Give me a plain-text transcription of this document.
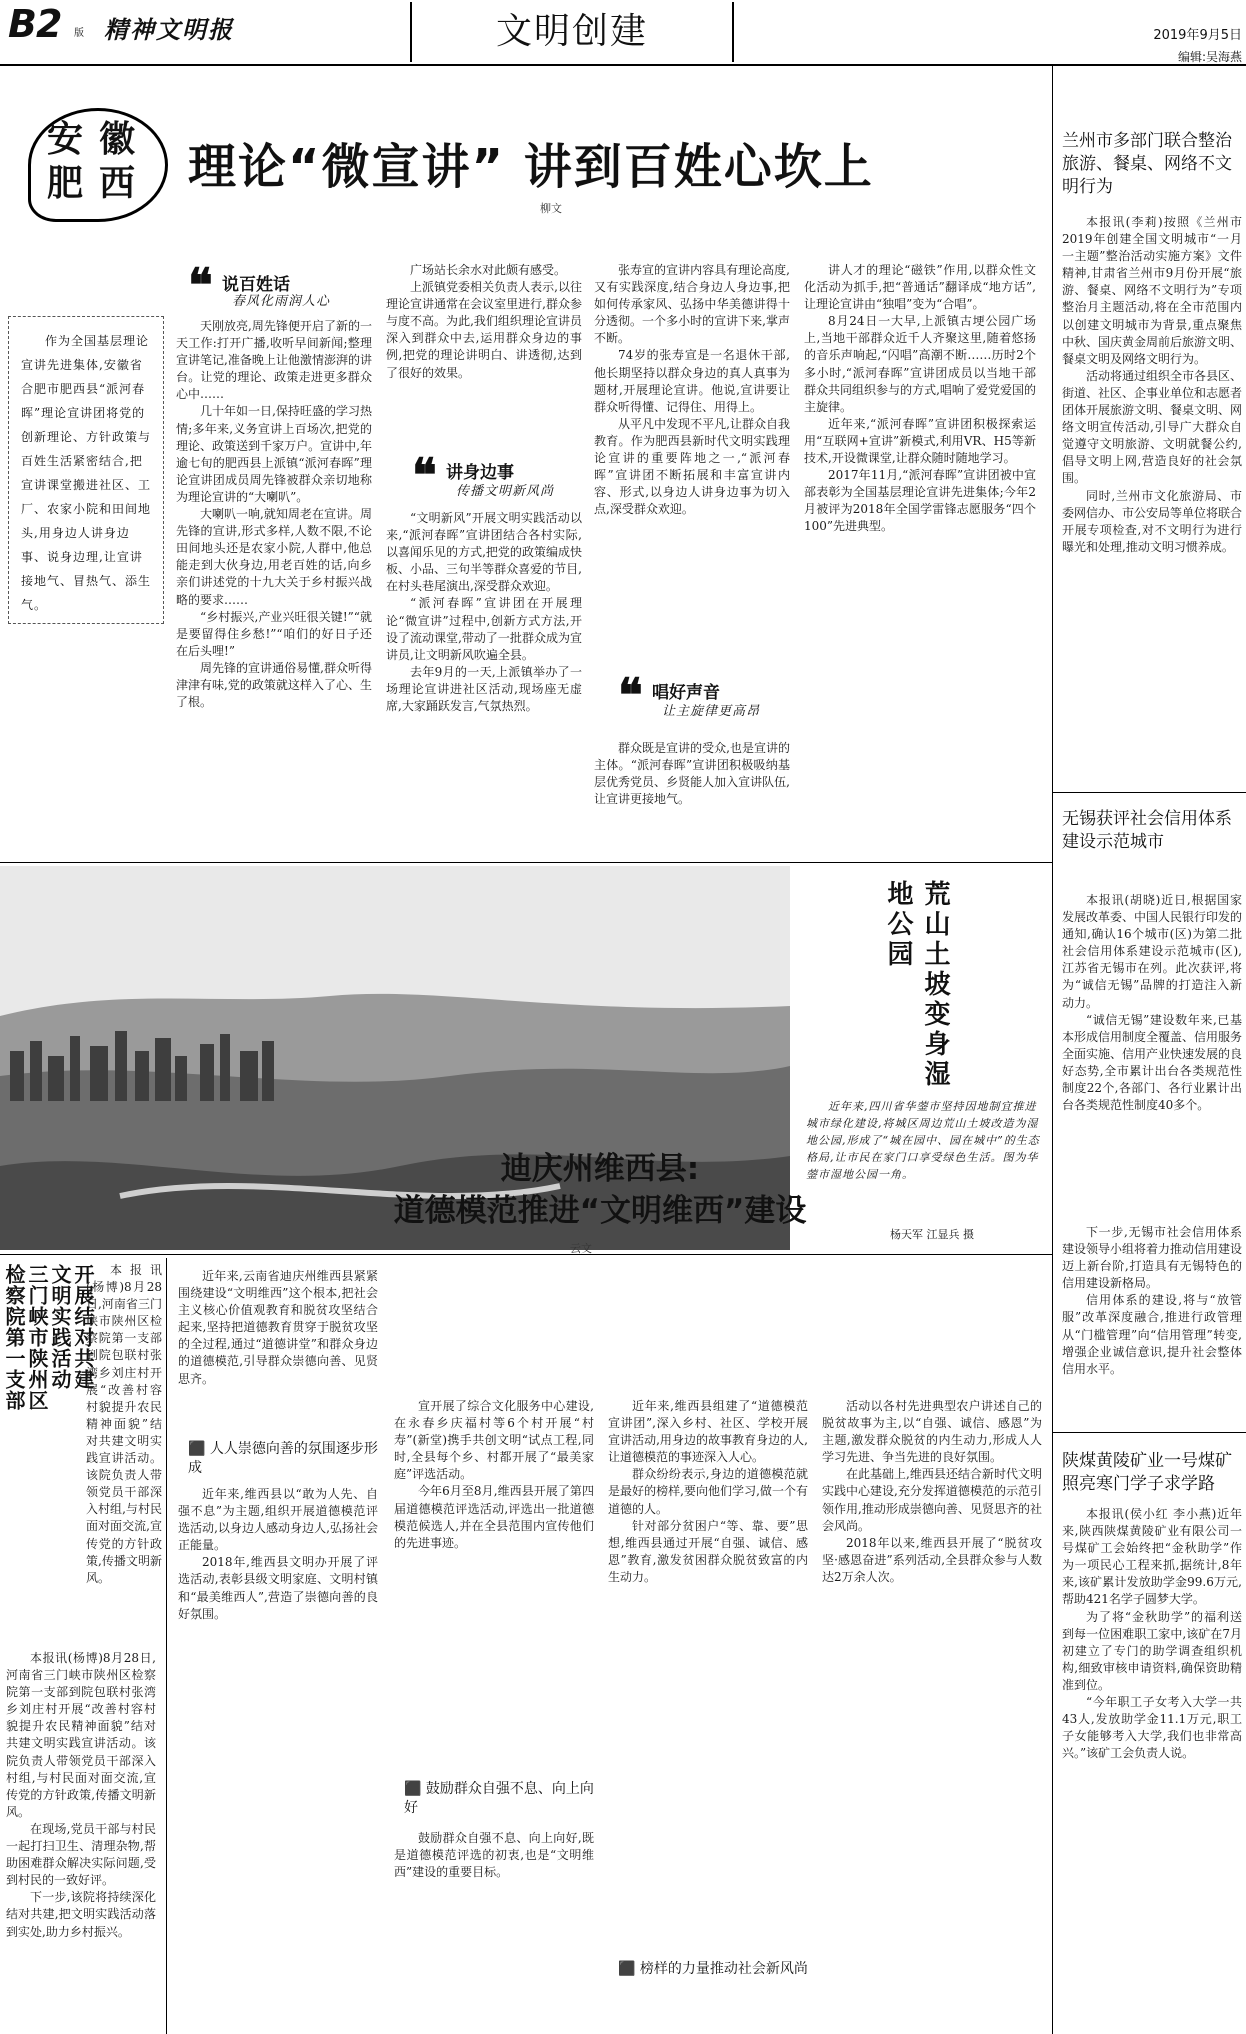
B2 版 精神文明报	文明创建	2019年9月5日
编辑:吴海燕
安 徽
肥 西 理论“微宣讲” 讲到百姓心坎上
柳文
作为全国基层理论宣讲先进集体,安徽省合肥市肥西县“派河春晖”理论宣讲团将党的创新理论、方针政策与百姓生活紧密结合,把宣讲课堂搬进社区、工厂、农家小院和田间地头,用身边人讲身边事、说身边理,让宣讲接地气、冒热气、添生气。
❝ 说百姓话
春风化雨润人心
❝ 讲身边事
传播文明新风尚
❝ 唱好声音
让主旋律更高昂

天刚放亮,周先锋便开启了新的一天工作:打开广播,收听早间新闻;整理宣讲笔记,准备晚上让他激情澎湃的讲台。让党的理论、政策走进更多群众心中……

几十年如一日,保持旺盛的学习热情;多年来,义务宣讲上百场次,把党的理论、政策送到千家万户。宣讲中,年逾七旬的肥西县上派镇“派河春晖”理论宣讲团成员周先锋被群众亲切地称为理论宣讲的“大喇叭”。

大喇叭一响,就知周老在宣讲。周先锋的宣讲,形式多样,人数不限,不论田间地头还是农家小院,人群中,他总能走到大伙身边,用老百姓的话,向乡亲们讲述党的十九大关于乡村振兴战略的要求……

“乡村振兴,产业兴旺很关键!”“就是要留得住乡愁!”“咱们的好日子还在后头哩!”

周先锋的宣讲通俗易懂,群众听得津津有味,党的政策就这样入了心、生了根。

广场站长余水对此颇有感受。

上派镇党委相关负责人表示,以往理论宣讲通常在会议室里进行,群众参与度不高。为此,我们组织理论宣讲员深入到群众中去,运用群众身边的事例,把党的理论讲明白、讲透彻,达到了很好的效果。

“文明新风”开展文明实践活动以来,“派河春晖”宣讲团结合各村实际,以喜闻乐见的方式,把党的政策编成快板、小品、三句半等群众喜爱的节目,在村头巷尾演出,深受群众欢迎。

“派河春晖”宣讲团在开展理论“微宣讲”过程中,创新方式方法,开设了流动课堂,带动了一批群众成为宣讲员,让文明新风吹遍全县。

去年9月的一天,上派镇举办了一场理论宣讲进社区活动,现场座无虚席,大家踊跃发言,气氛热烈。

张寿宣的宣讲内容具有理论高度,又有实践深度,结合身边人身边事,把如何传承家风、弘扬中华美德讲得十分透彻。一个多小时的宣讲下来,掌声不断。

74岁的张寿宣是一名退休干部,他长期坚持以群众身边的真人真事为题材,开展理论宣讲。他说,宣讲要让群众听得懂、记得住、用得上。

从平凡中发现不平凡,让群众自我教育。作为肥西县新时代文明实践理论宣讲的重要阵地之一,“派河春晖”宣讲团不断拓展和丰富宣讲内容、形式,以身边人讲身边事为切入点,深受群众欢迎。

群众既是宣讲的受众,也是宣讲的主体。“派河春晖”宣讲团积极吸纳基层优秀党员、乡贤能人加入宣讲队伍,让宣讲更接地气。

讲人才的理论“磁铁”作用,以群众性文化活动为抓手,把“普通话”翻译成“地方话”,让理论宣讲由“独唱”变为“合唱”。

8月24日一大早,上派镇古埂公园广场上,当地干部群众近千人齐聚这里,随着悠扬的音乐声响起,“闪唱”高潮不断……历时2个多小时,“派河春晖”宣讲团成员以当地干部群众共同组织参与的方式,唱响了爱党爱国的主旋律。

近年来,“派河春晖”宣讲团积极探索运用“互联网+宣讲”新模式,利用VR、H5等新技术,开设微课堂,让群众随时随地学习。

2017年11月,“派河春晖”宣讲团被中宣部表彰为全国基层理论宣讲先进集体;今年2月被评为2018年全国学雷锋志愿服务“四个100”先进典型。

荒山土坡变身湿地公园
近年来,四川省华蓥市坚持因地制宜推进城市绿化建设,将城区周边荒山土坡改造为湿地公园,形成了“城在园中、园在城中”的生态格局,让市民在家门口享受绿色生活。图为华蓥市湿地公园一角。
杨天军 江显兵 摄
开展结对共建
文明实践活动
三门峡市陕州区
检察院第一支部

本报讯(杨博)8月28日,河南省三门峡市陕州区检察院第一支部到院包联村张湾乡刘庄村开展“改善村容村貌提升农民精神面貌”结对共建文明实践宣讲活动。该院负责人带领党员干部深入村组,与村民面对面交流,宣传党的方针政策,传播文明新风。

在现场,党员干部与村民一起打扫卫生、清理杂物,帮助困难群众解决实际问题,受到村民的一致好评。

下一步,该院将持续深化结对共建,把文明实践活动落到实处,助力乡村振兴。

本报讯(杨博)8月28日,河南省三门峡市陕州区检察院第一支部到院包联村张湾乡刘庄村开展“改善村容村貌提升农民精神面貌”结对共建文明实践宣讲活动。该院负责人带领党员干部深入村组,与村民面对面交流,宣传党的方针政策,传播文明新风。

迪庆州维西县:
道德模范推进“文明维西”建设
云文

近年来,云南省迪庆州维西县紧紧围绕建设“文明维西”这个根本,把社会主义核心价值观教育和脱贫攻坚结合起来,坚持把道德教育贯穿于脱贫攻坚的全过程,通过“道德讲堂”和群众身边的道德模范,引导群众崇德向善、见贤思齐。

⬛ 人人崇德向善的氛围逐步形成

近年来,维西县以“敢为人先、自强不息”为主题,组织开展道德模范评选活动,以身边人感动身边人,弘扬社会正能量。

2018年,维西县文明办开展了评选活动,表彰县级文明家庭、文明村镇和“最美维西人”,营造了崇德向善的良好氛围。

宣开展了综合文化服务中心建设,在永春乡庆福村等6个村开展“村寿”(新堂)携手共创文明“试点工程,同时,全县每个乡、村都开展了“最美家庭”评选活动。

今年6月至8月,维西县开展了第四届道德模范评选活动,评选出一批道德模范候选人,并在全县范围内宣传他们的先进事迹。

⬛ 鼓励群众自强不息、向上向好

鼓励群众自强不息、向上向好,既是道德模范评选的初衷,也是“文明维西”建设的重要目标。

近年来,维西县组建了“道德模范宣讲团”,深入乡村、社区、学校开展宣讲活动,用身边的故事教育身边的人,让道德模范的事迹深入人心。

群众纷纷表示,身边的道德模范就是最好的榜样,要向他们学习,做一个有道德的人。

针对部分贫困户“等、靠、要”思想,维西县通过开展“自强、诚信、感恩”教育,激发贫困群众脱贫致富的内生动力。

⬛ 榜样的力量推动社会新风尚

活动以各村先进典型农户讲述自己的脱贫故事为主,以“自强、诚信、感恩”为主题,激发群众脱贫的内生动力,形成人人学习先进、争当先进的良好氛围。

在此基础上,维西县还结合新时代文明实践中心建设,充分发挥道德模范的示范引领作用,推动形成崇德向善、见贤思齐的社会风尚。

2018年以来,维西县开展了“脱贫攻坚·感恩奋进”系列活动,全县群众参与人数达2万余人次。

兰州市多部门联合整治旅游、餐桌、网络不文明行为

本报讯(李莉)按照《兰州市2019年创建全国文明城市“一月一主题”整治活动实施方案》文件精神,甘肃省兰州市9月份开展“旅游、餐桌、网络不文明行为”专项整治月主题活动,将在全市范围内以创建文明城市为背景,重点聚焦中秋、国庆黄金周前后旅游文明、餐桌文明及网络文明行为。

活动将通过组织全市各县区、街道、社区、企事业单位和志愿者团体开展旅游文明、餐桌文明、网络文明宣传活动,引导广大群众自觉遵守文明旅游、文明就餐公约,倡导文明上网,营造良好的社会氛围。

同时,兰州市文化旅游局、市委网信办、市公安局等单位将联合开展专项检查,对不文明行为进行曝光和处理,推动文明习惯养成。

无锡获评社会信用体系建设示范城市

本报讯(胡晓)近日,根据国家发展改革委、中国人民银行印发的通知,确认16个城市(区)为第二批社会信用体系建设示范城市(区),江苏省无锡市在列。此次获评,将为“诚信无锡”品牌的打造注入新动力。

“诚信无锡”建设数年来,已基本形成信用制度全覆盖、信用服务全面实施、信用产业快速发展的良好态势,全市累计出台各类规范性制度22个,各部门、各行业累计出台各类规范性制度40多个。

下一步,无锡市社会信用体系建设领导小组将着力推动信用建设迈上新台阶,打造具有无锡特色的信用建设新格局。

信用体系的建设,将与“放管服”改革深度融合,推进行政管理从“门槛管理”向“信用管理”转变,增强企业诚信意识,提升社会整体信用水平。

陕煤黄陵矿业一号煤矿照亮寒门学子求学路

本报讯(侯小红 李小燕)近年来,陕西陕煤黄陵矿业有限公司一号煤矿工会始终把“金秋助学”作为一项民心工程来抓,据统计,8年来,该矿累计发放助学金99.6万元,帮助421名学子圆梦大学。

为了将“金秋助学”的福利送到每一位困难职工家中,该矿在7月初建立了专门的助学调查组织机构,细致审核申请资料,确保资助精准到位。

“今年职工子女考入大学一共43人,发放助学金11.1万元,职工子女能够考入大学,我们也非常高兴。”该矿工会负责人说。
